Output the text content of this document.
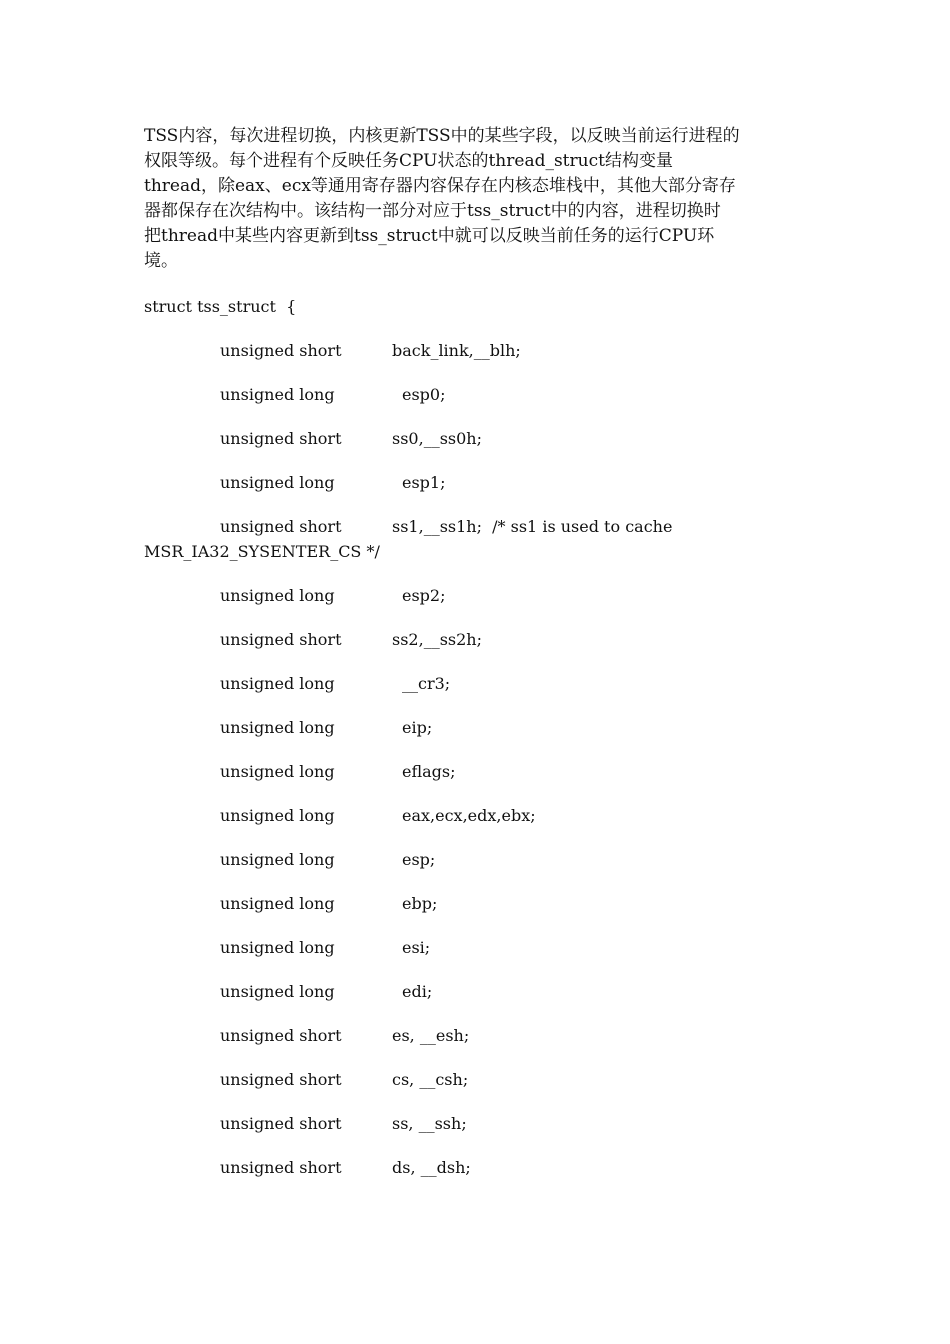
TSS内容，每次进程切换，内核更新TSS中的某些字段，以反映当前运行进程的
权限等级。每个进程有个反映任务CPU状态的thread_struct结构变量
thread，除eax、ecx等通用寄存器内容保存在内核态堆栈中，其他大部分寄存
器都保存在次结构中。该结构一部分对应于tss_struct中的内容，进程切换时
把thread中某些内容更新到tss_struct中就可以反映当前任务的运行CPU环
境。

struct tss_struct  {
unsigned short	back_link,__blh;
unsigned long	esp0;
unsigned short	ss0,__ss0h;
unsigned long	esp1;
unsigned short	ss1,__ss1h;  /* ss1 is used to cache
MSR_IA32_SYSENTER_CS */
unsigned long	esp2;
unsigned short	ss2,__ss2h;
unsigned long	__cr3;
unsigned long	eip;
unsigned long	eflags;
unsigned long	eax,ecx,edx,ebx;
unsigned long	esp;
unsigned long	ebp;
unsigned long	esi;
unsigned long	edi;
unsigned short	es, __esh;
unsigned short	cs, __csh;
unsigned short	ss, __ssh;
unsigned short	ds, __dsh;
